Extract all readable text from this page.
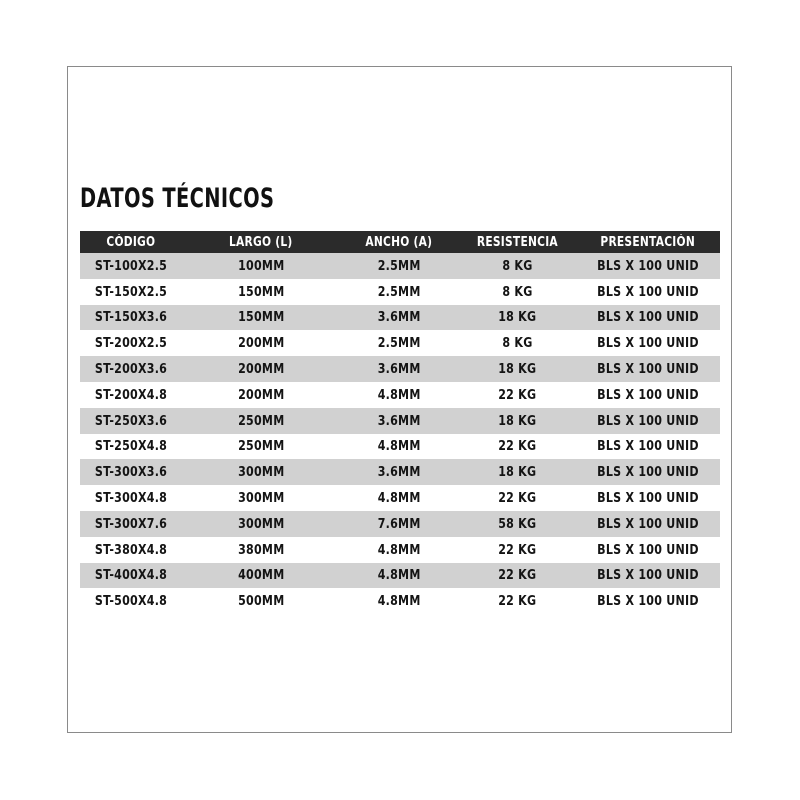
DATOS TÉCNICOS
CÓDIGO	LARGO (L)	ANCHO (A)	RESISTENCIA	PRESENTACIÓN
ST-100X2.5	100MM	2.5MM	8 KG	BLS X 100 UNID
ST-150X2.5	150MM	2.5MM	8 KG	BLS X 100 UNID
ST-150X3.6	150MM	3.6MM	18 KG	BLS X 100 UNID
ST-200X2.5	200MM	2.5MM	8 KG	BLS X 100 UNID
ST-200X3.6	200MM	3.6MM	18 KG	BLS X 100 UNID
ST-200X4.8	200MM	4.8MM	22 KG	BLS X 100 UNID
ST-250X3.6	250MM	3.6MM	18 KG	BLS X 100 UNID
ST-250X4.8	250MM	4.8MM	22 KG	BLS X 100 UNID
ST-300X3.6	300MM	3.6MM	18 KG	BLS X 100 UNID
ST-300X4.8	300MM	4.8MM	22 KG	BLS X 100 UNID
ST-300X7.6	300MM	7.6MM	58 KG	BLS X 100 UNID
ST-380X4.8	380MM	4.8MM	22 KG	BLS X 100 UNID
ST-400X4.8	400MM	4.8MM	22 KG	BLS X 100 UNID
ST-500X4.8	500MM	4.8MM	22 KG	BLS X 100 UNID
